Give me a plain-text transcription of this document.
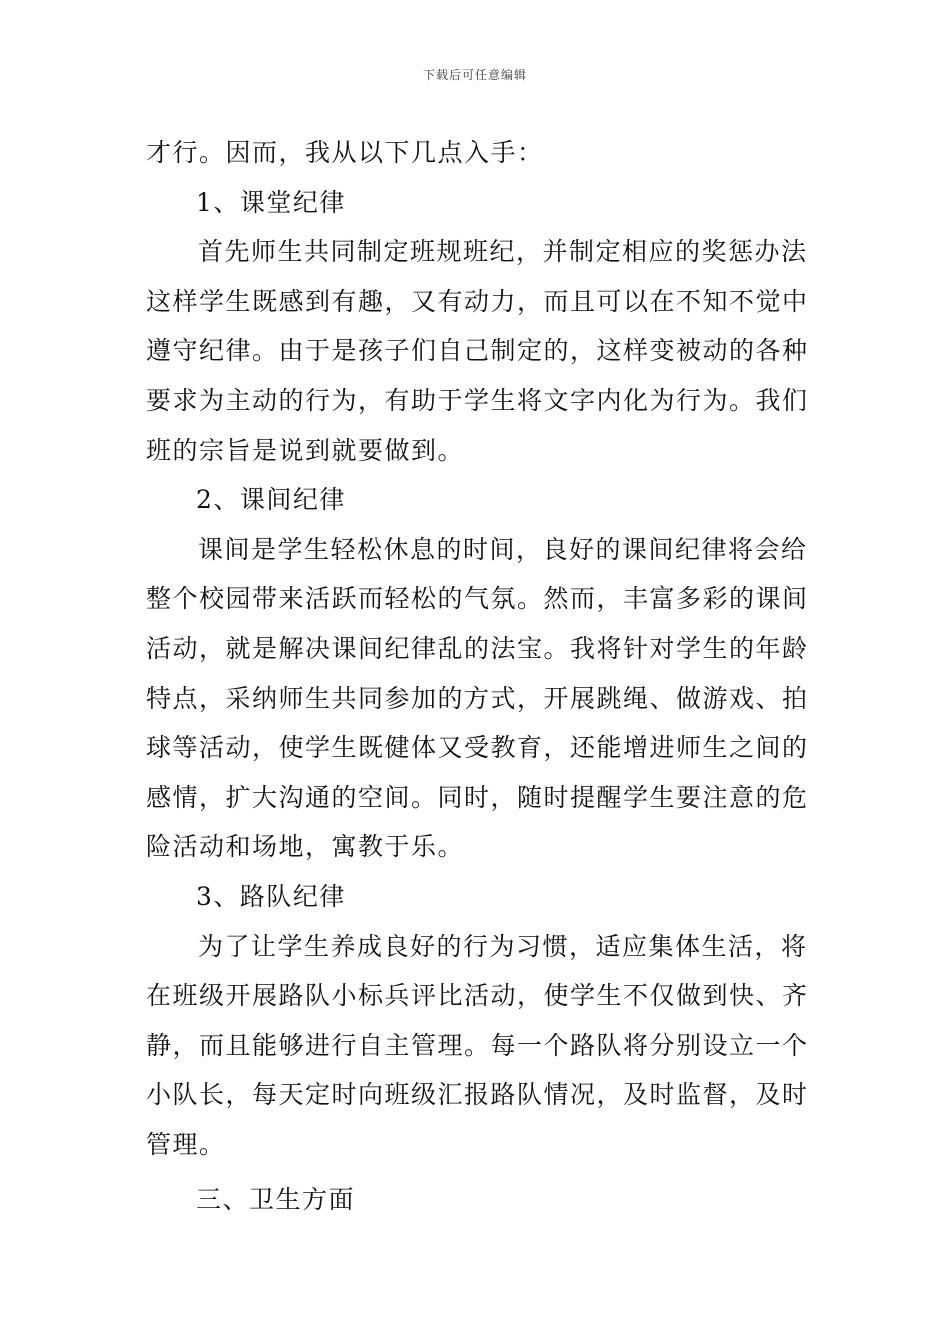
下载后可任意编辑
才行。因而，我从以下几点入手：
1、课堂纪律
首先师生共同制定班规班纪，并制定相应的奖惩办法
这样学生既感到有趣，又有动力，而且可以在不知不觉中
遵守纪律。由于是孩子们自己制定的，这样变被动的各种
要求为主动的行为，有助于学生将文字内化为行为。我们
班的宗旨是说到就要做到。
2、课间纪律
课间是学生轻松休息的时间，良好的课间纪律将会给
整个校园带来活跃而轻松的气氛。然而，丰富多彩的课间
活动，就是解决课间纪律乱的法宝。我将针对学生的年龄
特点，采纳师生共同参加的方式，开展跳绳、做游戏、拍
球等活动，使学生既健体又受教育，还能增进师生之间的
感情，扩大沟通的空间。同时，随时提醒学生要注意的危
险活动和场地，寓教于乐。
3、路队纪律
为了让学生养成良好的行为习惯，适应集体生活，将
在班级开展路队小标兵评比活动，使学生不仅做到快、齐
静，而且能够进行自主管理。每一个路队将分别设立一个
小队长，每天定时向班级汇报路队情况，及时监督，及时
管理。
三、卫生方面
